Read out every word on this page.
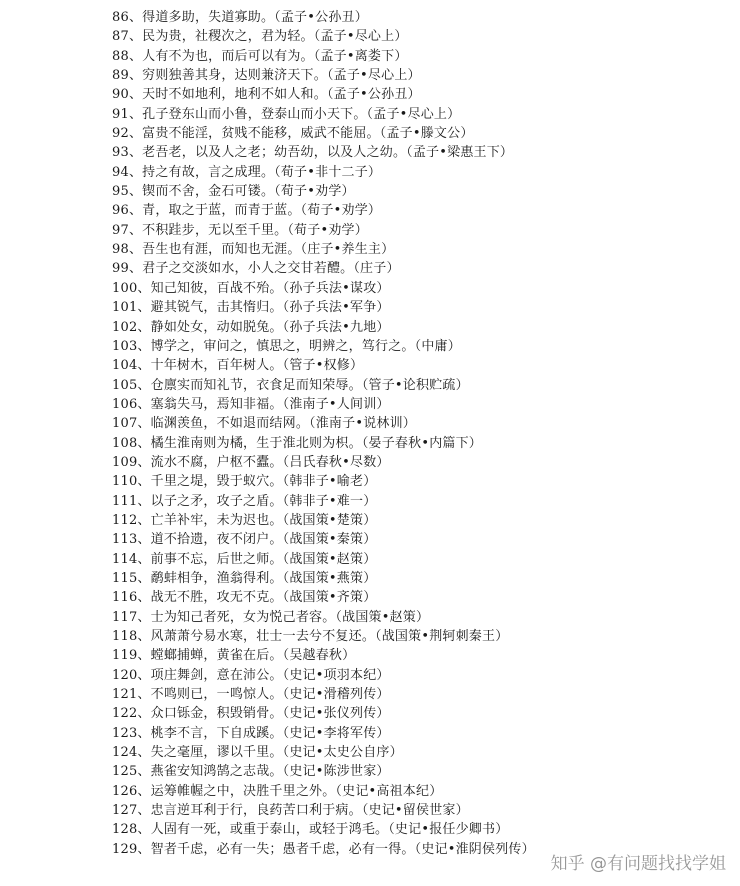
86、得道多助，失道寡助。（孟子•公孙丑）
87、民为贵，社稷次之，君为轻。（孟子•尽心上）
88、人有不为也，而后可以有为。（孟子•离娄下）
89、穷则独善其身，达则兼济天下。（孟子•尽心上）
90、天时不如地利，地利不如人和。（孟子•公孙丑）
91、孔子登东山而小鲁，登泰山而小天下。（孟子•尽心上）
92、富贵不能淫，贫贱不能移，威武不能屈。（孟子•滕文公）
93、老吾老，以及人之老；幼吾幼，以及人之幼。（孟子•梁惠王下）
94、持之有故，言之成理。（荀子•非十二子）
95、锲而不舍，金石可镂。（荀子•劝学）
96、青，取之于蓝，而青于蓝。（荀子•劝学）
97、不积跬步，无以至千里。（荀子•劝学）
98、吾生也有涯，而知也无涯。（庄子•养生主）
99、君子之交淡如水，小人之交甘若醴。（庄子）
100、知己知彼，百战不殆。（孙子兵法•谋攻）
101、避其锐气，击其惰归。（孙子兵法•军争）
102、静如处女，动如脱兔。（孙子兵法•九地）
103、博学之，审问之，慎思之，明辨之，笃行之。（中庸）
104、十年树木，百年树人。（管子•权修）
105、仓廪实而知礼节，衣食足而知荣辱。（管子•论积贮疏）
106、塞翁失马，焉知非福。（淮南子•人间训）
107、临渊羡鱼，不如退而结网。（淮南子•说林训）
108、橘生淮南则为橘，生于淮北则为枳。（晏子春秋•内篇下）
109、流水不腐，户枢不蠹。（吕氏春秋•尽数）
110、千里之堤，毁于蚁穴。（韩非子•喻老）
111、以子之矛，攻子之盾。（韩非子•难一）
112、亡羊补牢，未为迟也。（战国策•楚策）
113、道不拾遗，夜不闭户。（战国策•秦策）
114、前事不忘，后世之师。（战国策•赵策）
115、鹬蚌相争，渔翁得利。（战国策•燕策）
116、战无不胜，攻无不克。（战国策•齐策）
117、士为知己者死，女为悦己者容。（战国策•赵策）
118、风萧萧兮易水寒，壮士一去兮不复还。（战国策•荆轲刺秦王）
119、螳螂捕蝉，黄雀在后。（吴越春秋）
120、项庄舞剑，意在沛公。（史记•项羽本纪）
121、不鸣则已，一鸣惊人。（史记•滑稽列传）
122、众口铄金，积毁销骨。（史记•张仪列传）
123、桃李不言，下自成蹊。（史记•李将军传）
124、失之毫厘，谬以千里。（史记•太史公自序）
125、燕雀安知鸿鹄之志哉。（史记•陈涉世家）
126、运筹帷幄之中，决胜千里之外。（史记•高祖本纪）
127、忠言逆耳利于行，良药苦口利于病。（史记•留侯世家）
128、人固有一死，或重于泰山，或轻于鸿毛。（史记•报任少卿书）
129、智者千虑，必有一失；愚者千虑，必有一得。（史记•淮阴侯列传）
知乎 @有问题找找学姐
